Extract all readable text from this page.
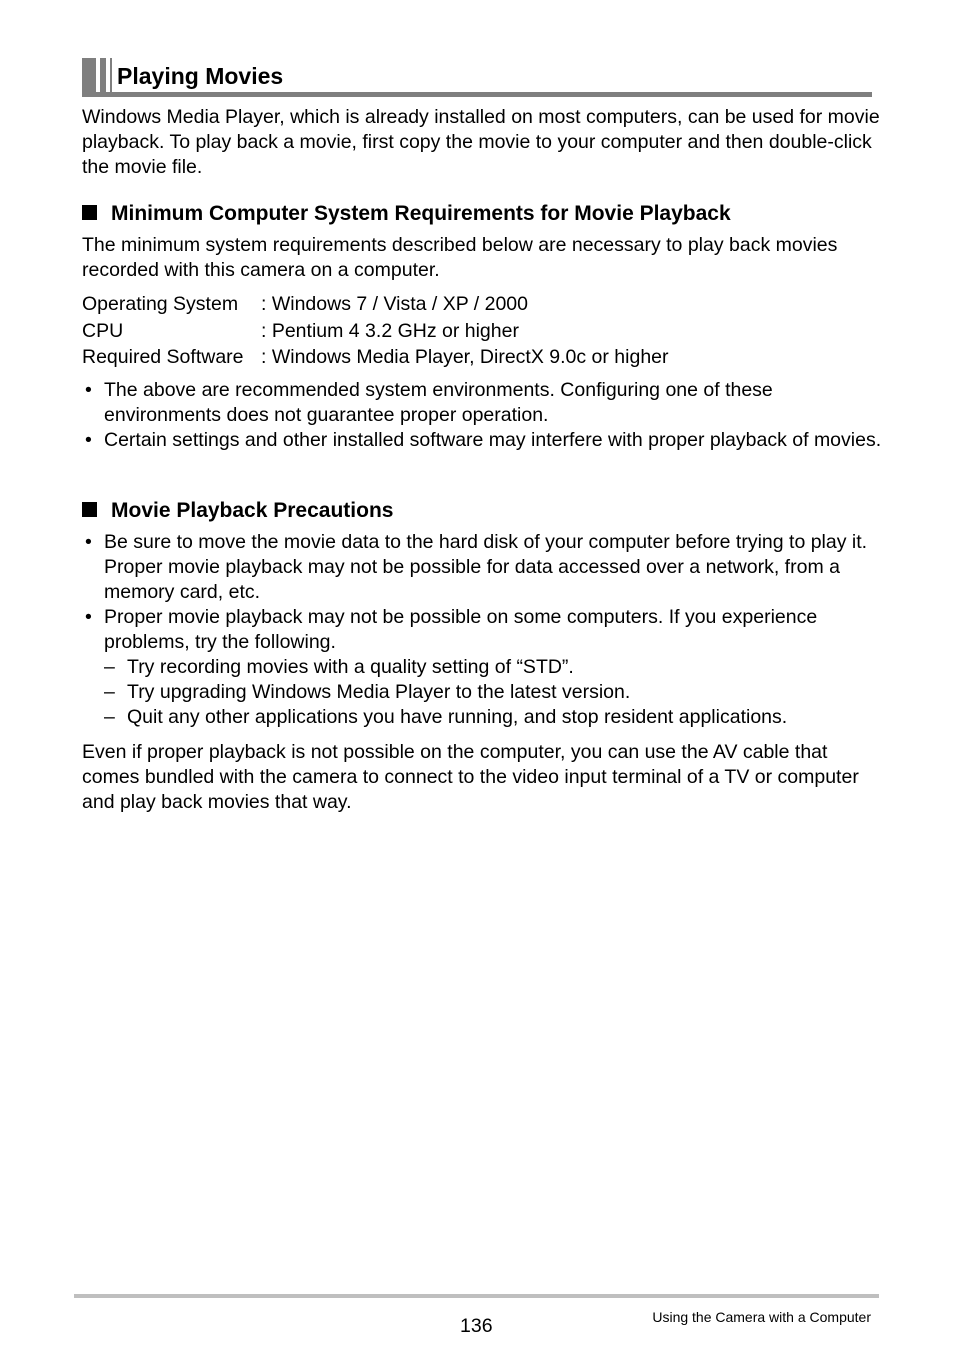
Playing Movies

Windows Media Player, which is already installed on most computers, can be used for movie playback. To play back a movie, first copy the movie to your computer and then double-click the movie file.

Minimum Computer System Requirements for Movie Playback

The minimum system requirements described below are necessary to play back movies recorded with this camera on a computer.

Operating System : Windows 7 / Vista / XP / 2000
CPU	: Pentium 4 3.2 GHz or higher
Required Software : Windows Media Player, DirectX 9.0c or higher
• The above are recommended system environments. Configuring one of these environments does not guarantee proper operation.
• Certain settings and other installed software may interfere with proper playback of movies.
Movie Playback Precautions
• Be sure to move the movie data to the hard disk of your computer before trying to play it. Proper movie playback may not be possible for data accessed over a network, from a memory card, etc.
• Proper movie playback may not be possible on some computers. If you experience problems, try the following.
– Try recording movies with a quality setting of “STD”.
– Try upgrading Windows Media Player to the latest version.
– Quit any other applications you have running, and stop resident applications.

Even if proper playback is not possible on the computer, you can use the AV cable that comes bundled with the camera to connect to the video input terminal of a TV or computer and play back movies that way.

136	Using the Camera with a Computer
